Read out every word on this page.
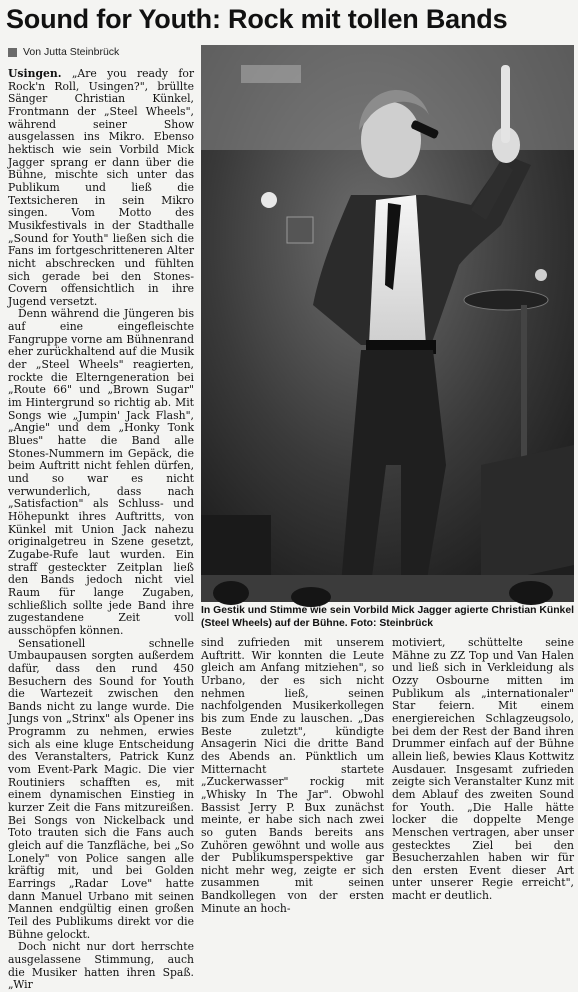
Sound for Youth: Rock mit tollen Bands
Von Jutta Steinbrück

Usingen. „Are you ready for Rock'n Roll, Usingen?", brüllte Sänger Christian Künkel, Frontmann der „Steel Wheels", während seiner Show ausgelassen ins Mikro. Ebenso hektisch wie sein Vorbild Mick Jagger sprang er dann über die Bühne, mischte sich unter das Publikum und ließ die Textsicheren in sein Mikro singen. Vom Motto des Musikfestivals in der Stadthalle „Sound for Youth" ließen sich die Fans im fortgeschritteneren Alter nicht abschrecken und fühlten sich gerade bei den Stones-Covern offensichtlich in ihre Jugend versetzt.

Denn während die Jüngeren bis auf eine eingefleischte Fangruppe vorne am Bühnenrand eher zurückhaltend auf die Musik der „Steel Wheels" reagierten, rockte die Elterngeneration bei „Route 66" und „Brown Sugar" im Hintergrund so richtig ab. Mit Songs wie „Jumpin' Jack Flash", „Angie" und dem „Honky Tonk Blues" hatte die Band alle Stones-Nummern im Gepäck, die beim Auftritt nicht fehlen dürfen, und so war es nicht verwunderlich, dass nach „Satisfaction" als Schluss- und Höhepunkt ihres Auftritts, von Künkel mit Union Jack nahezu originalgetreu in Szene gesetzt, Zugabe-Rufe laut wurden. Ein straff gesteckter Zeitplan ließ den Bands jedoch nicht viel Raum für lange Zugaben, schließlich sollte jede Band ihre zugestandene Zeit voll ausschöpfen können.

Sensationell schnelle Umbaupausen sorgten außerdem dafür, dass den rund 450 Besuchern des Sound for Youth die Wartezeit zwischen den Bands nicht zu lange wurde. Die Jungs von „Strinx" als Opener ins Programm zu nehmen, erwies sich als eine kluge Entscheidung des Veranstalters, Patrick Kunz vom Event-Park Magic. Die vier Routiniers schafften es, mit einem dynamischen Einstieg in kurzer Zeit die Fans mitzureißen. Bei Songs von Nickelback und Toto trauten sich die Fans auch gleich auf die Tanzfläche, bei „So Lonely" von Police sangen alle kräftig mit, und bei Golden Earrings „Radar Love" hatte dann Manuel Urbano mit seinen Mannen endgültig einen großen Teil des Publikums direkt vor die Bühne gelockt.

Doch nicht nur dort herrschte ausgelassene Stimmung, auch die Musiker hatten ihren Spaß. „Wir

In Gestik und Stimme wie sein Vorbild Mick Jagger agierte Christian Künkel (Steel Wheels) auf der Bühne. Foto: Steinbrück

sind zufrieden mit unserem Auftritt. Wir konnten die Leute gleich am Anfang mitziehen", so Urbano, der es sich nicht nehmen ließ, seinen nachfolgenden Musikerkollegen bis zum Ende zu lauschen. „Das Beste zuletzt", kündigte Ansagerin Nici die dritte Band des Abends an. Pünktlich um Mitternacht startete „Zuckerwasser" rockig mit „Whisky In The Jar". Obwohl Bassist Jerry P. Bux zunächst meinte, er habe sich nach zwei so guten Bands bereits ans Zuhören gewöhnt und wolle aus der Publikumsperspektive gar nicht mehr weg, zeigte er sich zusammen mit seinen Bandkollegen von der ersten Minute an hoch-

motiviert, schüttelte seine Mähne zu ZZ Top und Van Halen und ließ sich in Verkleidung als Ozzy Osbourne mitten im Publikum als „internationaler" Star feiern. Mit einem energiereichen Schlagzeugsolo, bei dem der Rest der Band ihren Drummer einfach auf der Bühne allein ließ, bewies Klaus Kottwitz Ausdauer. Insgesamt zufrieden zeigte sich Veranstalter Kunz mit dem Ablauf des zweiten Sound for Youth. „Die Halle hätte locker die doppelte Menge Menschen vertragen, aber unser gestecktes Ziel bei den Besucherzahlen haben wir für den ersten Event dieser Art unter unserer Regie erreicht", macht er deutlich.
